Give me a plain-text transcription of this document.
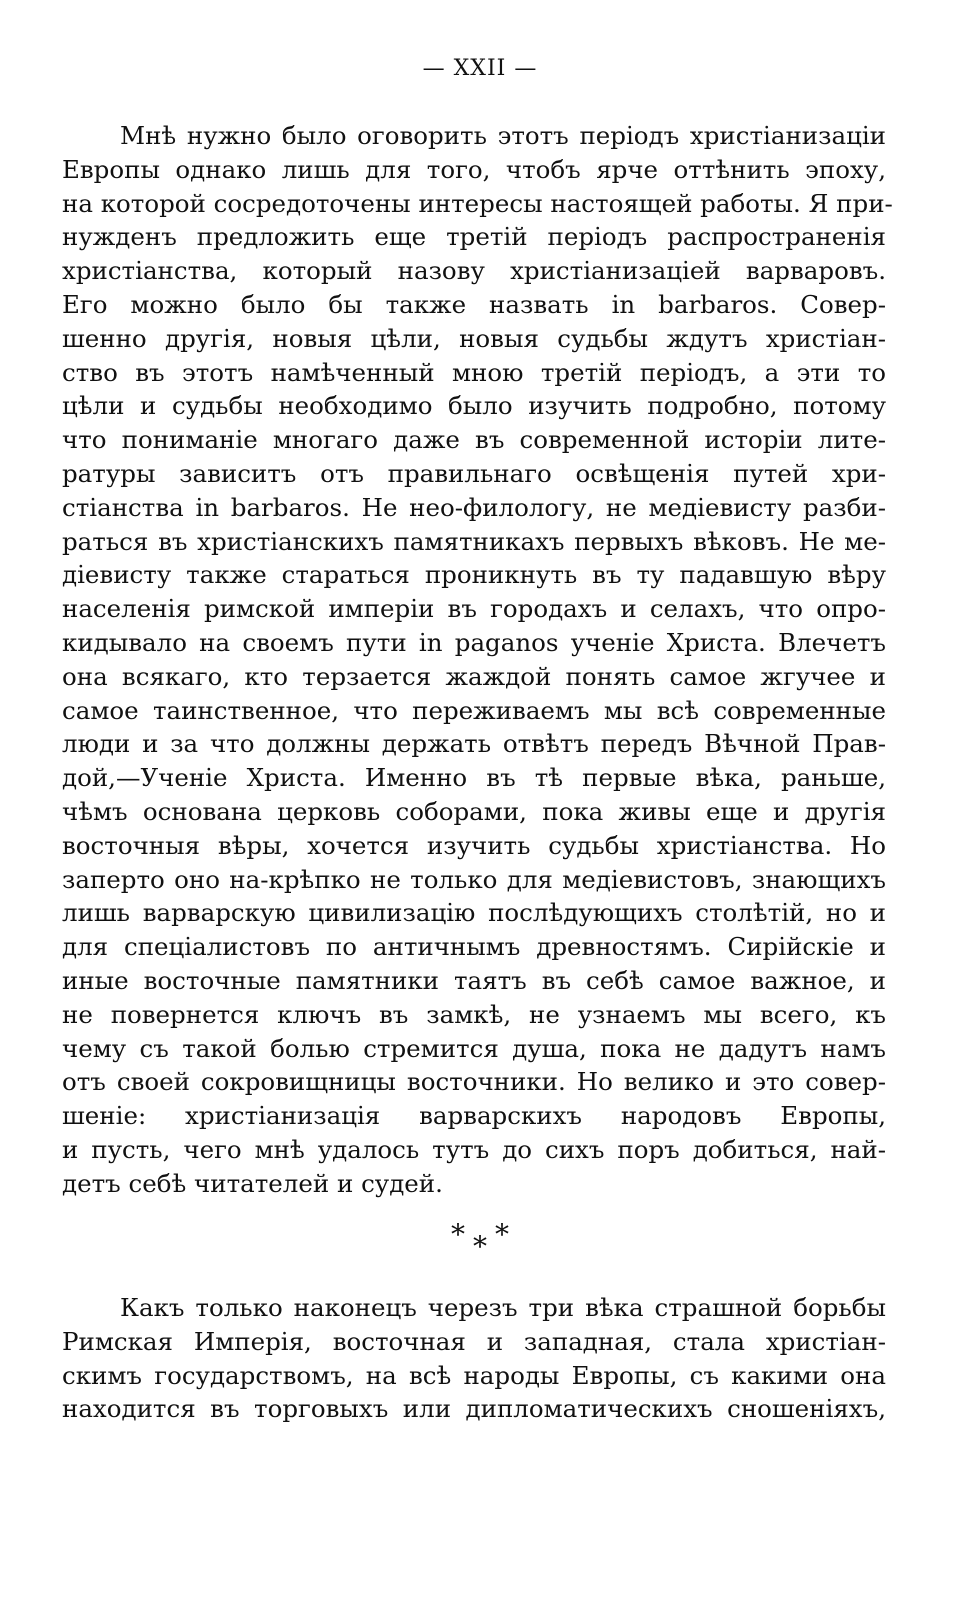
— XXII —
Мнѣ нужно было оговорить этотъ періодъ христіанизаціи
Европы однако лишь для того, чтобъ ярче оттѣнить эпоху,
на которой сосредоточены интересы настоящей работы. Я при-
нужденъ предложить еще третій періодъ распространенія
христіанства, который назову христіанизаціей варваровъ.
Его можно было бы также назвать in barbaros. Совер-
шенно другія, новыя цѣли, новыя судьбы ждутъ христіан-
ство въ этотъ намѣченный мною третій періодъ, а эти то
цѣли и судьбы необходимо было изучить подробно, потому
что пониманіе многаго даже въ современной исторіи лите-
ратуры зависитъ отъ правильнаго освѣщенія путей хри-
стіанства in barbaros. Не нео-филологу, не медіевисту разби-
раться въ христіанскихъ памятникахъ первыхъ вѣковъ. Не ме-
діевисту также стараться проникнуть въ ту падавшую вѣру
населенія римской имперіи въ городахъ и селахъ, что опро-
кидывало на своемъ пути in paganos ученіе Христа. Влечетъ
она всякаго, кто терзается жаждой понять самое жгучее и
самое таинственное, что переживаемъ мы всѣ современные
люди и за что должны держать отвѣтъ передъ Вѣчной Прав-
дой,—Ученіе Христа. Именно въ тѣ первые вѣка, раньше,
чѣмъ основана церковь соборами, пока живы еще и другія
восточныя вѣры, хочется изучить судьбы христіанства. Но
заперто оно на-крѣпко не только для медіевистовъ, знающихъ
лишь варварскую цивилизацію послѣдующихъ столѣтій, но и
для спеціалистовъ по античнымъ древностямъ. Сирійскіе и
иные восточные памятники таятъ въ себѣ самое важное, и
не повернется ключъ въ замкѣ, не узнаемъ мы всего, къ
чему съ такой болью стремится душа, пока не дадутъ намъ
отъ своей сокровищницы восточники. Но велико и это совер-
шеніе: христіанизація варварскихъ народовъ Европы,
и пусть, чего мнѣ удалось тутъ до сихъ поръ добиться, най-
детъ себѣ читателей и судей.
* * *
Какъ только наконецъ черезъ три вѣка страшной борьбы
Римская Имперія, восточная и западная, стала христіан-
скимъ государствомъ, на всѣ народы Европы, съ какими она
находится въ торговыхъ или дипломатическихъ сношеніяхъ,
